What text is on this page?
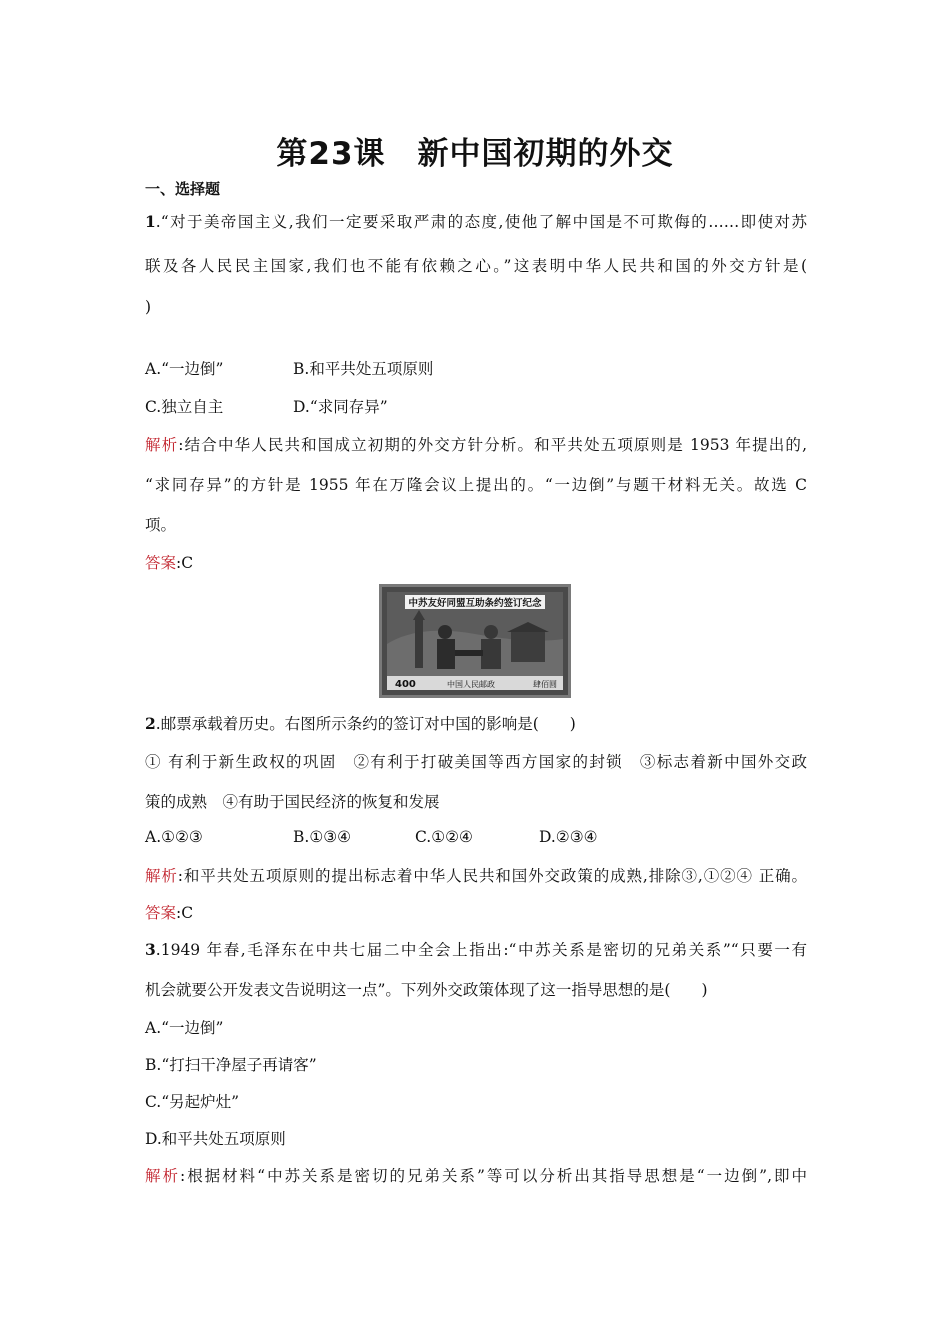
第23课　新中国初期的外交
一、选择题
1.“对于美帝国主义,我们一定要采取严肃的态度,使他了解中国是不可欺侮的……即使对苏
联及各人民民主国家,我们也不能有依赖之心。”这表明中华人民共和国的外交方针是(
)
A.“一边倒”	B.和平共处五项原则
C.独立自主	D.“求同存异”
解析:结合中华人民共和国成立初期的外交方针分析。和平共处五项原则是 1953 年提出的,
“求同存异”的方针是 1955 年在万隆会议上提出的。“一边倒”与题干材料无关。故选 C
项。
答案:C
中苏友好同盟互助条约签订纪念
400	中国人民邮政	肆佰圆
2.邮票承载着历史。右图所示条约的签订对中国的影响是(　　)
① 有利于新生政权的巩固　②有利于打破美国等西方国家的封锁　③标志着新中国外交政
策的成熟　④有助于国民经济的恢复和发展
A.①②③	B.①③④	C.①②④	D.②③④
解析:和平共处五项原则的提出标志着中华人民共和国外交政策的成熟,排除③,①②④ 正确。
答案:C
3.1949 年春,毛泽东在中共七届二中全会上指出:“中苏关系是密切的兄弟关系”“只要一有
机会就要公开发表文告说明这一点”。下列外交政策体现了这一指导思想的是(　　)
A.“一边倒”
B.“打扫干净屋子再请客”
C.“另起炉灶”
D.和平共处五项原则
解析:根据材料“中苏关系是密切的兄弟关系”等可以分析出其指导思想是“一边倒”,即中
